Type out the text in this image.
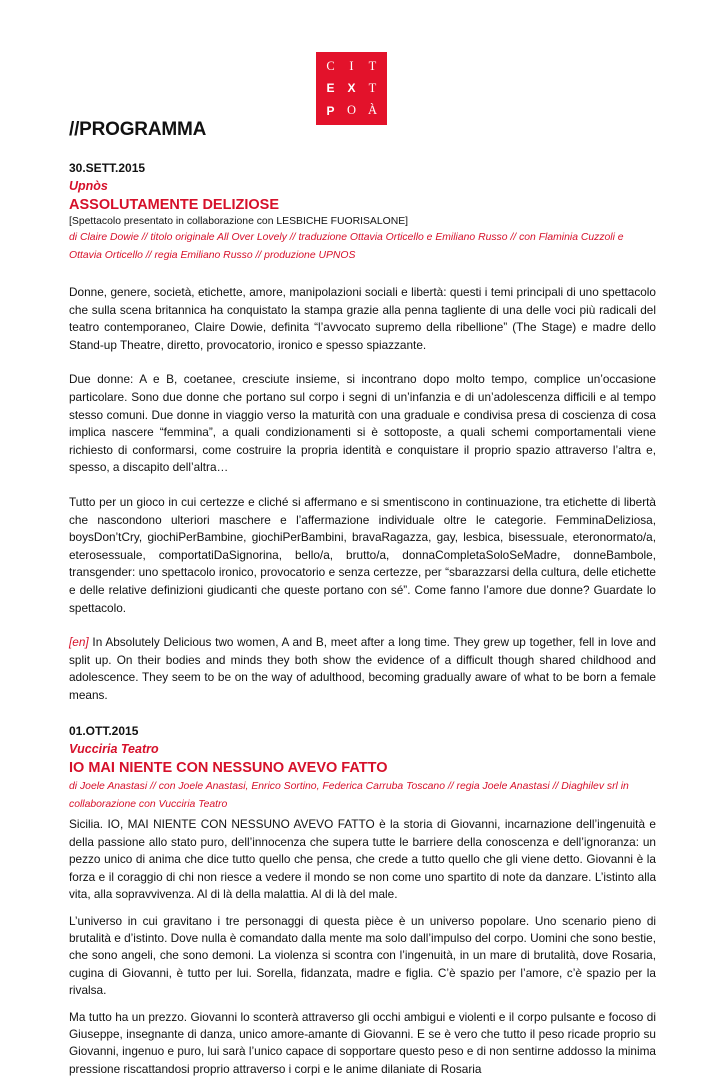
C	I	T
E	X	T
P O À
//PROGRAMMA
30.SETT.2015
Upnòs
ASSOLUTAMENTE DELIZIOSE
[Spettacolo presentato in collaborazione con LESBICHE FUORISALONE]
di Claire Dowie // titolo originale All Over Lovely // traduzione Ottavia Orticello e Emiliano Russo // con Flaminia Cuzzoli e Ottavia Orticello // regia Emiliano Russo // produzione UPNOS

Donne, genere, società, etichette, amore, manipolazioni sociali e libertà: questi i temi principali di uno spettacolo che sulla scena britannica ha conquistato la stampa grazie alla penna tagliente di una delle voci più radicali del teatro contemporaneo, Claire Dowie, definita “l’avvocato supremo della ribellione” (The Stage) e madre dello Stand-up Theatre, diretto, provocatorio, ironico e spesso spiazzante.

Due donne: A e B, coetanee, cresciute insieme, si incontrano dopo molto tempo, complice un’occasione particolare. Sono due donne che portano sul corpo i segni di un’infanzia e di un’adolescenza difficili e al tempo stesso comuni. Due donne in viaggio verso la maturità con una graduale e condivisa presa di coscienza di cosa implica nascere “femmina”, a quali condizionamenti si è sottoposte, a quali schemi comportamentali viene richiesto di conformarsi, come costruire la propria identità e conquistare il proprio spazio attraverso l’altra e, spesso, a discapito dell’altra…

Tutto per un gioco in cui certezze e cliché si affermano e si smentiscono in continuazione, tra etichette di libertà che nascondono ulteriori maschere e l’affermazione individuale oltre le categorie. FemminaDeliziosa, boysDon’tCry, giochiPerBambine, giochiPerBambini, bravaRagazza, gay, lesbica, bisessuale, eteronormato/a, eterosessuale, comportatiDaSignorina, bello/a, brutto/a, donnaCompletaSoloSeMadre, donneBambole, transgender: uno spettacolo ironico, provocatorio e senza certezze, per “sbarazzarsi della cultura, delle etichette e delle relative definizioni giudicanti che queste portano con sé”. Come fanno l’amore due donne? Guardate lo spettacolo.

[en] In Absolutely Delicious two women, A and B, meet after a long time. They grew up together, fell in love and split up. On their bodies and minds they both show the evidence of a difficult though shared childhood and adolescence. They seem to be on the way of adulthood, becoming gradually aware of what to be born a female means.

01.OTT.2015
Vucciria Teatro
IO MAI NIENTE CON NESSUNO AVEVO FATTO
di Joele Anastasi // con Joele Anastasi, Enrico Sortino, Federica Carruba Toscano // regia Joele Anastasi // Diaghilev srl in collaborazione con Vucciria Teatro

Sicilia. IO, MAI NIENTE CON NESSUNO AVEVO FATTO è la storia di Giovanni, incarnazione dell’ingenuità e della passione allo stato puro, dell’innocenza che supera tutte le barriere della conoscenza e dell’ignoranza: un pezzo unico di anima che dice tutto quello che pensa, che crede a tutto quello che gli viene detto. Giovanni è la forza e il coraggio di chi non riesce a vedere il mondo se non come uno spartito di note da danzare. L’istinto alla vita, alla sopravvivenza. Al di là della malattia. Al di là del male.

L’universo in cui gravitano i tre personaggi di questa pièce è un universo popolare. Uno scenario pieno di brutalità e d’istinto. Dove nulla è comandato dalla mente ma solo dall’impulso del corpo. Uomini che sono bestie, che sono angeli, che sono demoni. La violenza si scontra con l’ingenuità, in un mare di brutalità, dove Rosaria, cugina di Giovanni, è tutto per lui. Sorella, fidanzata, madre e figlia. C’è spazio per l’amore, c’è spazio per la rivalsa.

Ma tutto ha un prezzo. Giovanni lo sconterà attraverso gli occhi ambigui e violenti e il corpo pulsante e focoso di Giuseppe, insegnante di danza, unico amore-amante di Giovanni. E se è vero che tutto il peso ricade proprio su Giovanni, ingenuo e puro, lui sarà l’unico capace di sopportare questo peso e di non sentirne addosso la minima pressione riscattandosi proprio attraverso i corpi e le anime dilaniate di Rosaria
